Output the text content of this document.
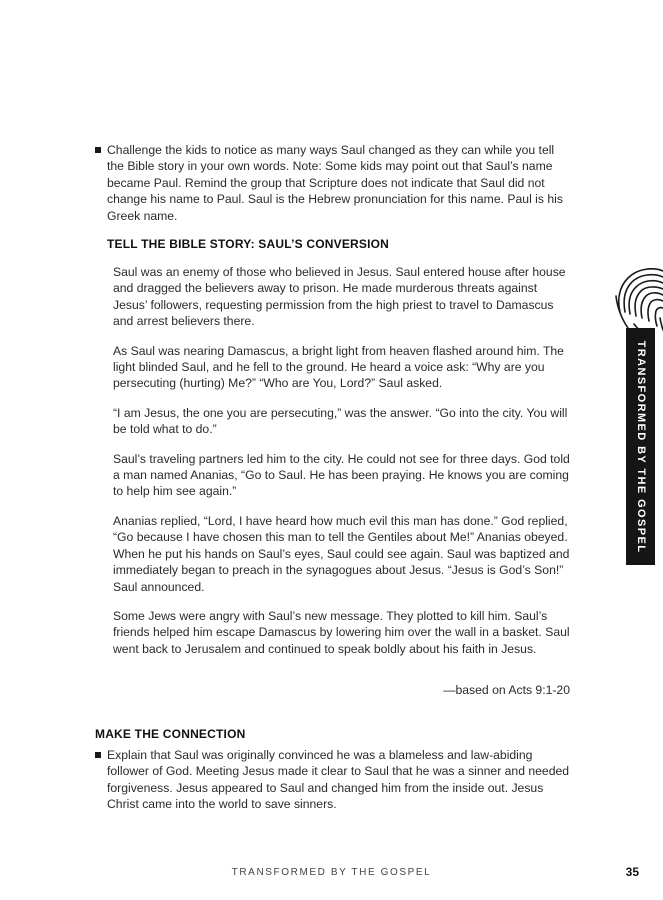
Challenge the kids to notice as many ways Saul changed as they can while you tell the Bible story in your own words. Note: Some kids may point out that Saul’s name became Paul. Remind the group that Scripture does not indicate that Saul did not change his name to Paul. Saul is the Hebrew pronunciation for this name. Paul is his Greek name.
TELL THE BIBLE STORY: SAUL’S CONVERSION

Saul was an enemy of those who believed in Jesus. Saul entered house after house and dragged the believers away to prison. He made murderous threats against Jesus’ followers, requesting permission from the high priest to travel to Damascus and arrest believers there.

As Saul was nearing Damascus, a bright light from heaven flashed around him. The light blinded Saul, and he fell to the ground. He heard a voice ask: “Why are you persecuting (hurting) Me?” “Who are You, Lord?” Saul asked.

“I am Jesus, the one you are persecuting,” was the answer. “Go into the city. You will be told what to do.”

Saul’s traveling partners led him to the city. He could not see for three days. God told a man named Ananias, “Go to Saul. He has been praying. He knows you are coming to help him see again.”

Ananias replied, “Lord, I have heard how much evil this man has done.” God replied, “Go because I have chosen this man to tell the Gentiles about Me!” Ananias obeyed. When he put his hands on Saul’s eyes, Saul could see again. Saul was baptized and immediately began to preach in the synagogues about Jesus. “Jesus is God’s Son!” Saul announced.

Some Jews were angry with Saul’s new message. They plotted to kill him. Saul’s friends helped him escape Damascus by lowering him over the wall in a basket. Saul went back to Jerusalem and continued to speak boldly about his faith in Jesus.

—based on Acts 9:1-20
MAKE THE CONNECTION
Explain that Saul was originally convinced he was a blameless and law-abiding follower of God. Meeting Jesus made it clear to Saul that he was a sinner and needed forgiveness. Jesus appeared to Saul and changed him from the inside out. Jesus Christ came into the world to save sinners.
TRANSFORMED BY THE GOSPEL
TRANSFORMED BY THE GOSPEL	35
